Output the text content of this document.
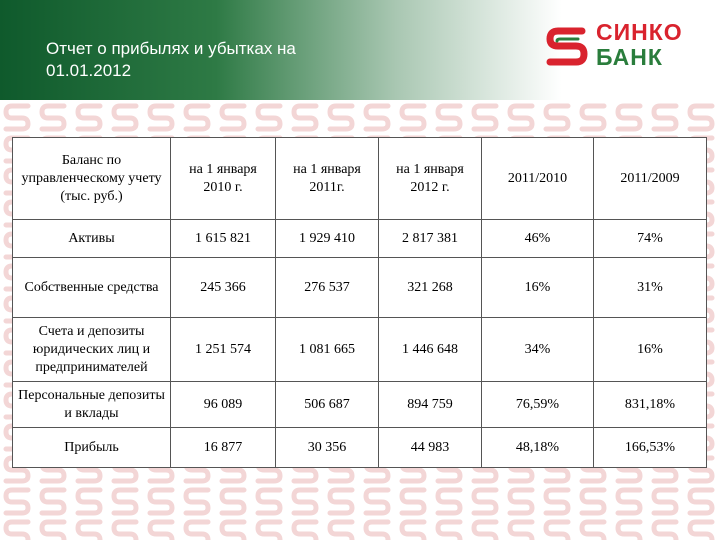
Отчет о прибылях и убытках на
01.01.2012
СИНКО
БАНК
Баланс по управленческому учету (тыс. руб.)	на 1 января 2010 г.	на 1 января 2011г.	на 1 января 2012 г.	2011/2010	2011/2009
Активы	1 615 821	1 929 410	2 817 381	46%	74%
Собственные средства	245 366	276 537	321 268	16%	31%
Счета и депозиты юридических лиц и предпринимателей	1 251 574	1 081 665	1 446 648	34%	16%
Персональные депозиты и вклады	96 089	506 687	894 759	76,59%	831,18%
Прибыль	16 877	30 356	44 983	48,18%	166,53%
